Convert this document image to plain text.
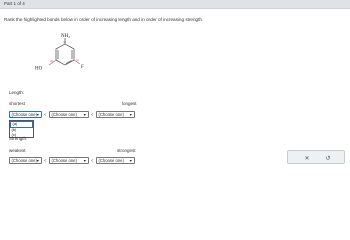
Part 1 of 4
Rank the highlighted bonds below in order of increasing length and in order of increasing strength.
NH₂
HO	F
(a)
(b)	(c)
Length:
shortest	longest
(Choose one) ▼ <	(Choose one) ▼ <	(Choose one) ▼
(a)
(b)
(c)
Strength:
weakest	strongest
(Choose one) ▼ <	(Choose one) ▼ <	(Choose one) ▼	✕	↺
